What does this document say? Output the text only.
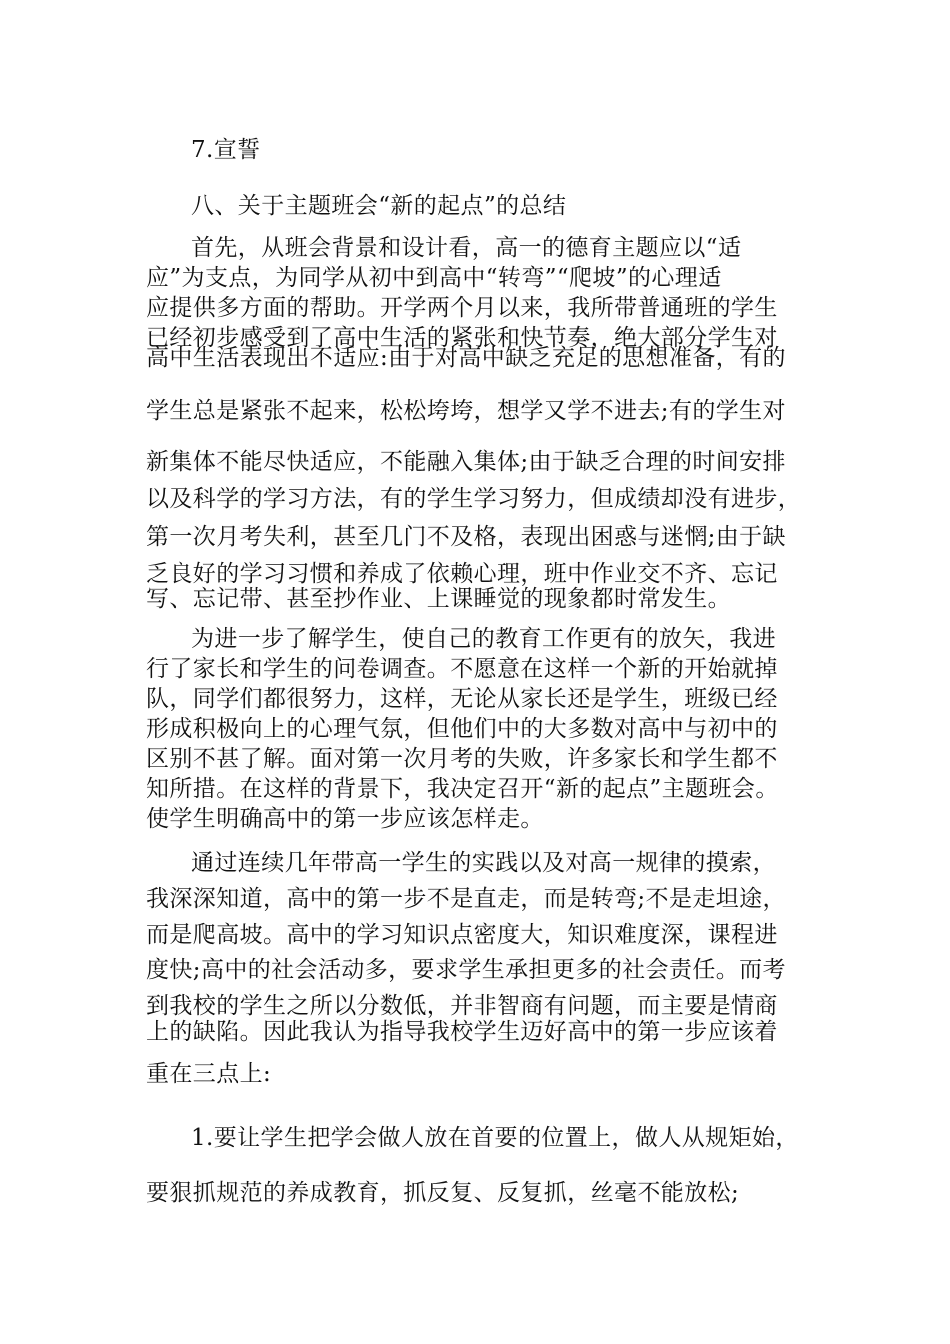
7.宣誓
八、关于主题班会“新的起点”的总结
首先，从班会背景和设计看，高一的德育主题应以“适
应”为支点，为同学从初中到高中“转弯”“爬坡”的心理适
应提供多方面的帮助。开学两个月以来，我所带普通班的学生
已经初步感受到了高中生活的紧张和快节奏，绝大部分学生对
高中生活表现出不适应:由于对高中缺乏充足的思想准备，有的
学生总是紧张不起来，松松垮垮，想学又学不进去;有的学生对
新集体不能尽快适应，不能融入集体;由于缺乏合理的时间安排
以及科学的学习方法，有的学生学习努力，但成绩却没有进步，
第一次月考失利，甚至几门不及格，表现出困惑与迷惘;由于缺
乏良好的学习习惯和养成了依赖心理，班中作业交不齐、忘记
写、忘记带、甚至抄作业、上课睡觉的现象都时常发生。
为进一步了解学生，使自己的教育工作更有的放矢，我进
行了家长和学生的问卷调查。不愿意在这样一个新的开始就掉
队，同学们都很努力，这样，无论从家长还是学生，班级已经
形成积极向上的心理气氛，但他们中的大多数对高中与初中的
区别不甚了解。面对第一次月考的失败，许多家长和学生都不
知所措。在这样的背景下，我决定召开“新的起点”主题班会。
使学生明确高中的第一步应该怎样走。
通过连续几年带高一学生的实践以及对高一规律的摸索，
我深深知道，高中的第一步不是直走，而是转弯;不是走坦途，
而是爬高坡。高中的学习知识点密度大，知识难度深，课程进
度快;高中的社会活动多，要求学生承担更多的社会责任。而考
到我校的学生之所以分数低，并非智商有问题，而主要是情商
上的缺陷。因此我认为指导我校学生迈好高中的第一步应该着
重在三点上:
1.要让学生把学会做人放在首要的位置上，做人从规矩始，
要狠抓规范的养成教育，抓反复、反复抓，丝毫不能放松;
